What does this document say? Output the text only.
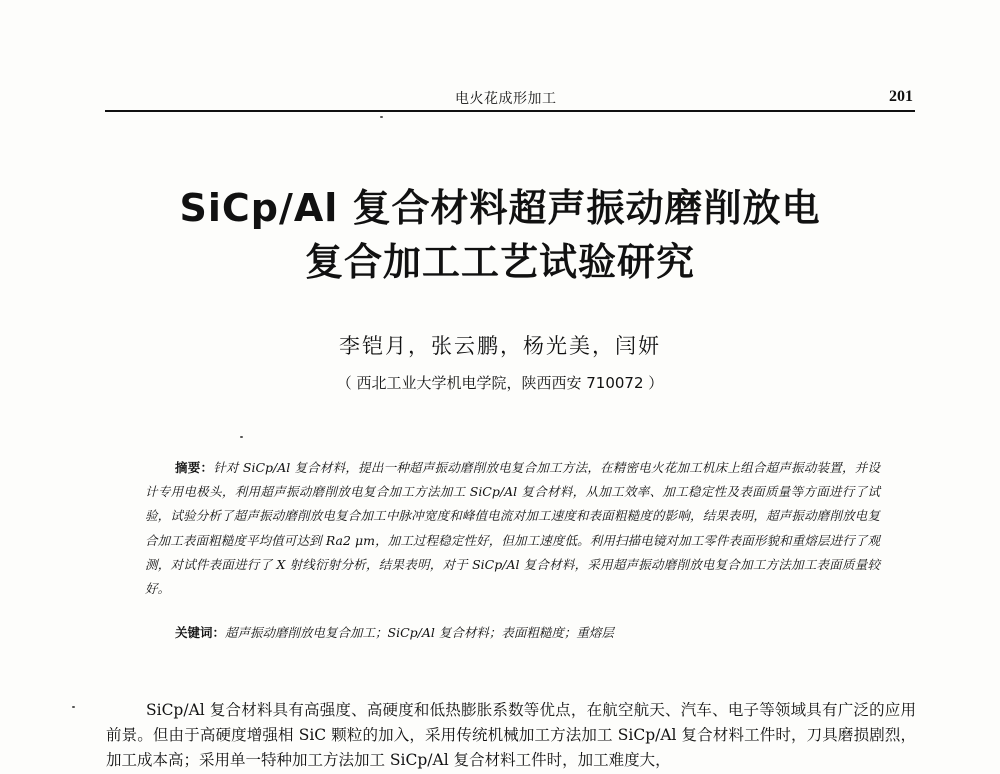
电火花成形加工	201
SiCp/Al 复合材料超声振动磨削放电
复合加工工艺试验研究
李铠月，张云鹏，杨光美，闫妍
（ 西北工业大学机电学院，陕西西安 710072 ）
摘要：针对 SiCp/Al 复合材料，提出一种超声振动磨削放电复合加工方法，在精密电火花加工机床上组合超声振动装置，并设计专用电极头，利用超声振动磨削放电复合加工方法加工 SiCp/Al 复合材料，从加工效率、加工稳定性及表面质量等方面进行了试验，试验分析了超声振动磨削放电复合加工中脉冲宽度和峰值电流对加工速度和表面粗糙度的影响，结果表明，超声振动磨削放电复合加工表面粗糙度平均值可达到 Ra2 μm，加工过程稳定性好，但加工速度低。利用扫描电镜对加工零件表面形貌和重熔层进行了观测，对试件表面进行了 X 射线衍射分析，结果表明，对于 SiCp/Al 复合材料，采用超声振动磨削放电复合加工方法加工表面质量较好。
关键词：超声振动磨削放电复合加工；SiCp/Al 复合材料；表面粗糙度；重熔层
SiCp/Al 复合材料具有高强度、高硬度和低热膨胀系数等优点，在航空航天、汽车、电子等领域具有广泛的应用前景。但由于高硬度增强相 SiC 颗粒的加入，采用传统机械加工方法加工 SiCp/Al 复合材料工件时，刀具磨损剧烈，加工成本高；采用单一特种加工方法加工 SiCp/Al 复合材料工件时，加工难度大，
